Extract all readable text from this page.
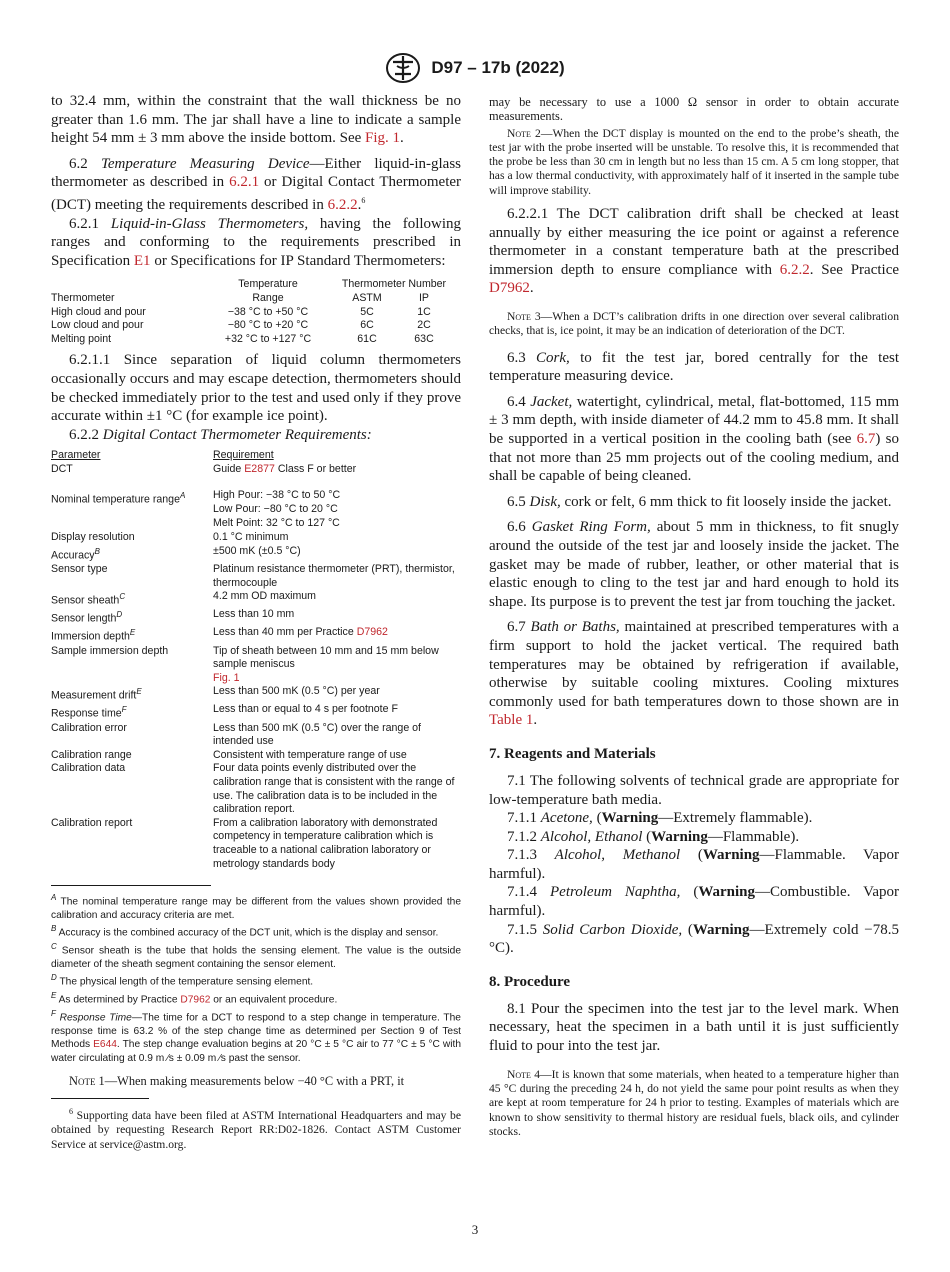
D97 – 17b (2022)

to 32.4 mm, within the constraint that the wall thickness be no greater than 1.6 mm. The jar shall have a line to indicate a sample height 54 mm ± 3 mm above the inside bottom. See Fig. 1.

6.2 Temperature Measuring Device—Either liquid-in-glass thermometer as described in 6.2.1 or Digital Contact Thermometer (DCT) meeting the requirements described in 6.2.2.$^6$

6.2.1 Liquid-in-Glass Thermometers, having the following ranges and conforming to the requirements prescribed in Specification E1 or Specifications for IP Standard Thermometers:

	Temperature	Thermometer Number	
Thermometer	Range	ASTM	IP
High cloud and pour	−38 °C to +50 °C	5C	1C
Low cloud and pour	−80 °C to +20 °C	6C	2C
Melting point	+32 °C to +127 °C	61C	63C

6.2.1.1 Since separation of liquid column thermometers occasionally occurs and may escape detection, thermometers should be checked immediately prior to the test and used only if they prove accurate within ±1 °C (for example ice point).

6.2.2 Digital Contact Thermometer Requirements:

Parameter	Requirement
DCT	Guide E2877 Class F or better

Nominal temperature range$^A$	High Pour: −38 °C to 50 °C
Low Pour: −80 °C to 20 °C
Melt Point: 32 °C to 127 °C

Display resolution	0.1 °C minimum
Accuracy$^B$	±500 mK (±0.5 °C)
Sensor type	Platinum resistance thermometer (PRT), thermistor, thermocouple
Sensor sheath$^C$	4.2 mm OD maximum
Sensor length$^D$	Less than 10 mm
Immersion depth$^E$	Less than 40 mm per Practice D7962
Sample immersion depth	Tip of sheath between 10 mm and 15 mm below sample meniscus
Fig. 1

Measurement drift$^E$	Less than 500 mK (0.5 °C) per year
Response time$^F$	Less than or equal to 4 s per footnote F
Calibration error	Less than 500 mK (0.5 °C) over the range of intended use
Calibration range	Consistent with temperature range of use
Calibration data	Four data points evenly distributed over the calibration range that is consistent with the range of use. The calibration data is to be included in the calibration report.
Calibration report	From a calibration laboratory with demonstrated competency in temperature calibration which is traceable to a national calibration laboratory or metrology standards body

$^A$ The nominal temperature range may be different from the values shown provided the calibration and accuracy criteria are met.

$^B$ Accuracy is the combined accuracy of the DCT unit, which is the display and sensor.

$^C$ Sensor sheath is the tube that holds the sensing element. The value is the outside diameter of the sheath segment containing the sensor element.

$^D$ The physical length of the temperature sensing element.

$^E$ As determined by Practice D7962 or an equivalent procedure.

$^F$ Response Time—The time for a DCT to respond to a step change in temperature. The response time is 63.2 % of the step change time as determined per Section 9 of Test Methods E644. The step change evaluation begins at 20 °C ± 5 °C air to 77 °C ± 5 °C with water circulating at 0.9 m ⁄s ± 0.09 m ⁄s past the sensor.

Note 1—When making measurements below −40 °C with a PRT, it

$^6$ Supporting data have been filed at ASTM International Headquarters and may be obtained by requesting Research Report RR:D02-1826. Contact ASTM Customer Service at service@astm.org.

may be necessary to use a 1000 Ω sensor in order to obtain accurate measurements.

Note 2—When the DCT display is mounted on the end to the probe’s sheath, the test jar with the probe inserted will be unstable. To resolve this, it is recommended that the probe be less than 30 cm in length but no less than 15 cm. A 5 cm long stopper, that has a low thermal conductivity, with approximately half of it inserted in the sample tube will improve stability.

6.2.2.1 The DCT calibration drift shall be checked at least annually by either measuring the ice point or against a reference thermometer in a constant temperature bath at the prescribed immersion depth to ensure compliance with 6.2.2. See Practice D7962.

Note 3—When a DCT’s calibration drifts in one direction over several calibration checks, that is, ice point, it may be an indication of deterioration of the DCT.

6.3 Cork, to fit the test jar, bored centrally for the test temperature measuring device.

6.4 Jacket, watertight, cylindrical, metal, flat-bottomed, 115 mm ± 3 mm depth, with inside diameter of 44.2 mm to 45.8 mm. It shall be supported in a vertical position in the cooling bath (see 6.7) so that not more than 25 mm projects out of the cooling medium, and shall be capable of being cleaned.

6.5 Disk, cork or felt, 6 mm thick to fit loosely inside the jacket.

6.6 Gasket Ring Form, about 5 mm in thickness, to fit snugly around the outside of the test jar and loosely inside the jacket. The gasket may be made of rubber, leather, or other material that is elastic enough to cling to the test jar and hard enough to hold its shape. Its purpose is to prevent the test jar from touching the jacket.

6.7 Bath or Baths, maintained at prescribed temperatures with a firm support to hold the jacket vertical. The required bath temperatures may be obtained by refrigeration if available, otherwise by suitable cooling mixtures. Cooling mixtures commonly used for bath temperatures down to those shown are in Table 1.

7. Reagents and Materials

7.1 The following solvents of technical grade are appropriate for low-temperature bath media.

7.1.1 Acetone, (Warning—Extremely flammable).

7.1.2 Alcohol, Ethanol (Warning—Flammable).

7.1.3 Alcohol, Methanol (Warning—Flammable. Vapor harmful).

7.1.4 Petroleum Naphtha, (Warning—Combustible. Vapor harmful).

7.1.5 Solid Carbon Dioxide, (Warning—Extremely cold −78.5 °C).

8. Procedure

8.1 Pour the specimen into the test jar to the level mark. When necessary, heat the specimen in a bath until it is just sufficiently fluid to pour into the test jar.

Note 4—It is known that some materials, when heated to a temperature higher than 45 °C during the preceding 24 h, do not yield the same pour point results as when they are kept at room temperature for 24 h prior to testing. Examples of materials which are known to show sensitivity to thermal history are residual fuels, black oils, and cylinder stocks.

3
